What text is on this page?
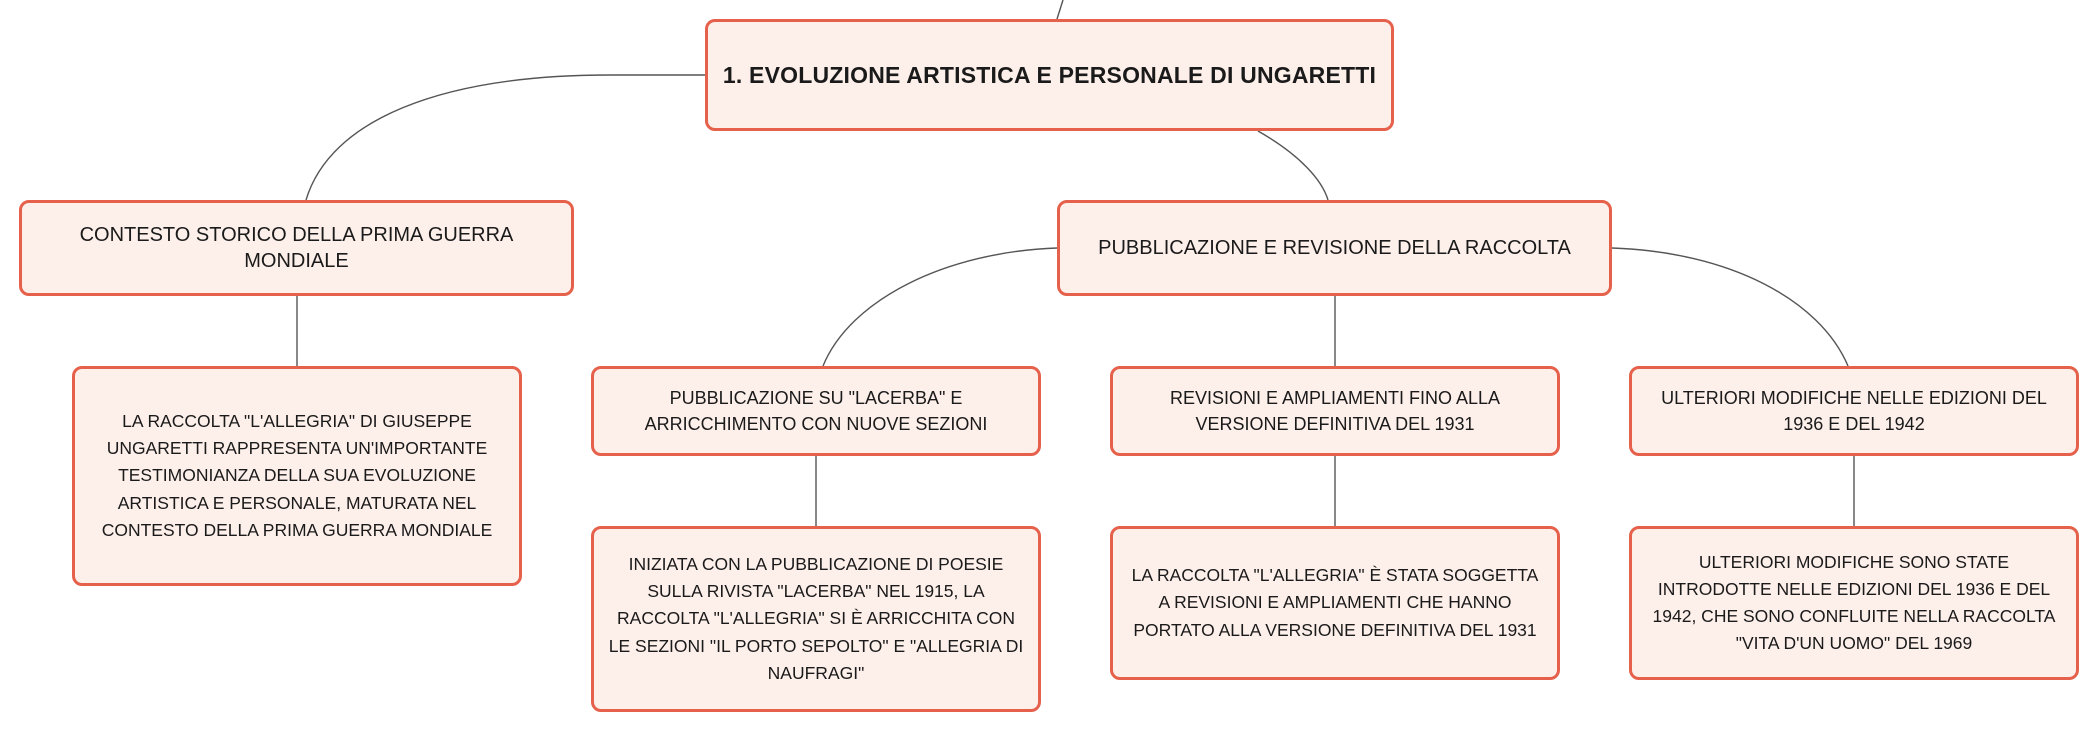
1. EVOLUZIONE ARTISTICA E PERSONALE DI UNGARETTI
CONTESTO STORICO DELLA PRIMA GUERRA MONDIALE
PUBBLICAZIONE E REVISIONE DELLA RACCOLTA
LA RACCOLTA "L'ALLEGRIA" DI GIUSEPPE UNGARETTI RAPPRESENTA UN'IMPORTANTE TESTIMONIANZA DELLA SUA EVOLUZIONE ARTISTICA E PERSONALE, MATURATA NEL CONTESTO DELLA PRIMA GUERRA MONDIALE
PUBBLICAZIONE SU "LACERBA" E ARRICCHIMENTO CON NUOVE SEZIONI
REVISIONI E AMPLIAMENTI FINO ALLA VERSIONE DEFINITIVA DEL 1931
ULTERIORI MODIFICHE NELLE EDIZIONI DEL 1936 E DEL 1942
INIZIATA CON LA PUBBLICAZIONE DI POESIE SULLA RIVISTA "LACERBA" NEL 1915, LA RACCOLTA "L'ALLEGRIA" SI È ARRICCHITA CON LE SEZIONI "IL PORTO SEPOLTO" E "ALLEGRIA DI NAUFRAGI"
LA RACCOLTA "L'ALLEGRIA" È STATA SOGGETTA A REVISIONI E AMPLIAMENTI CHE HANNO PORTATO ALLA VERSIONE DEFINITIVA DEL 1931
ULTERIORI MODIFICHE SONO STATE INTRODOTTE NELLE EDIZIONI DEL 1936 E DEL 1942, CHE SONO CONFLUITE NELLA RACCOLTA "VITA D'UN UOMO" DEL 1969
